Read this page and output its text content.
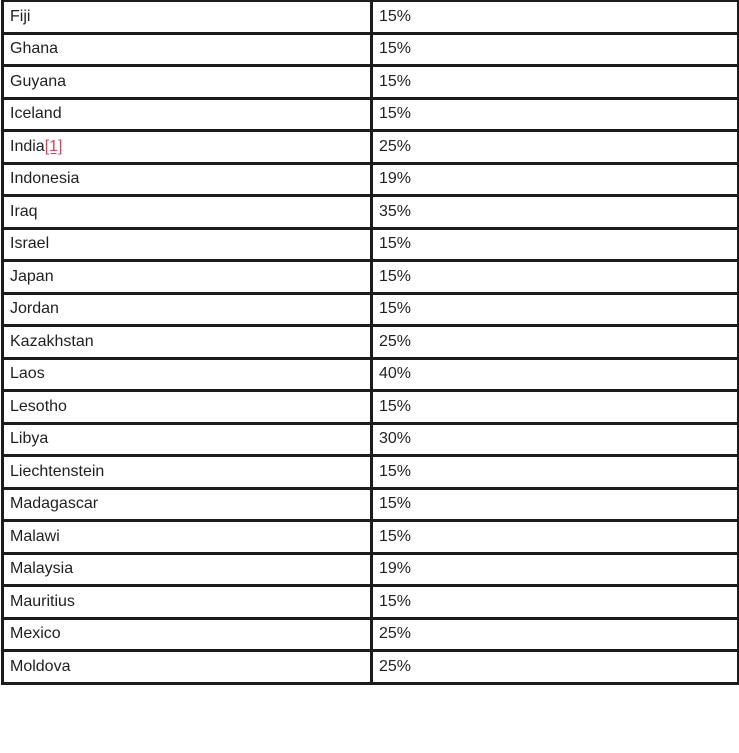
Fiji	15%
Ghana	15%
Guyana	15%
Iceland	15%
India[1]	25%
Indonesia	19%
Iraq	35%
Israel	15%
Japan	15%
Jordan	15%
Kazakhstan	25%
Laos	40%
Lesotho	15%
Libya	30%
Liechtenstein	15%
Madagascar	15%
Malawi	15%
Malaysia	19%
Mauritius	15%
Mexico	25%
Moldova	25%
